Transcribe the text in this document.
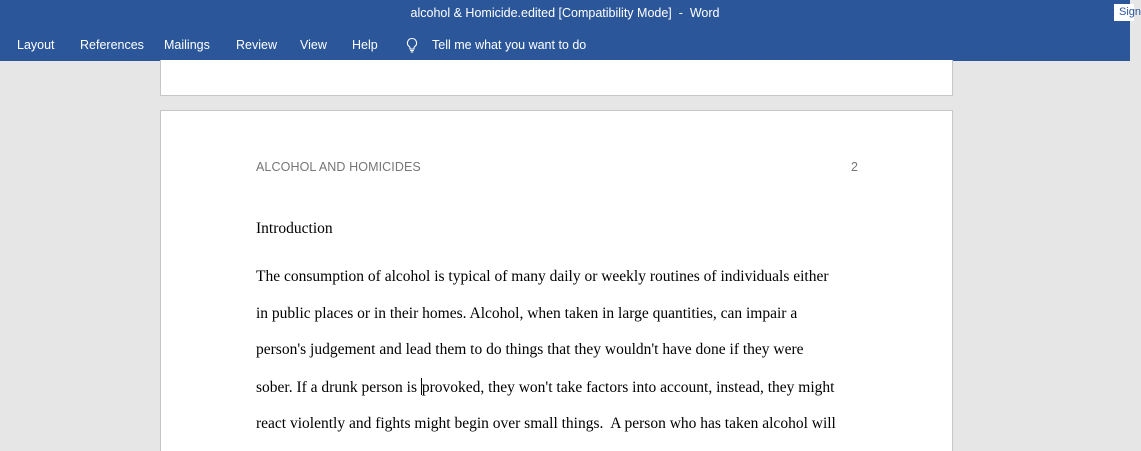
alcohol & Homicide.edited [Compatibility Mode]  -  Word	Sign
Layout References Mailings Review View Help	Tell me what you want to do
ALCOHOL AND HOMICIDES	2
Introduction
The consumption of alcohol is typical of many daily or weekly routines of individuals either
in public places or in their homes. Alcohol, when taken in large quantities, can impair a
person's judgement and lead them to do things that they wouldn't have done if they were
sober. If a drunk person is provoked, they won't take factors into account, instead, they might
react violently and fights might begin over small things.  A person who has taken alcohol will
